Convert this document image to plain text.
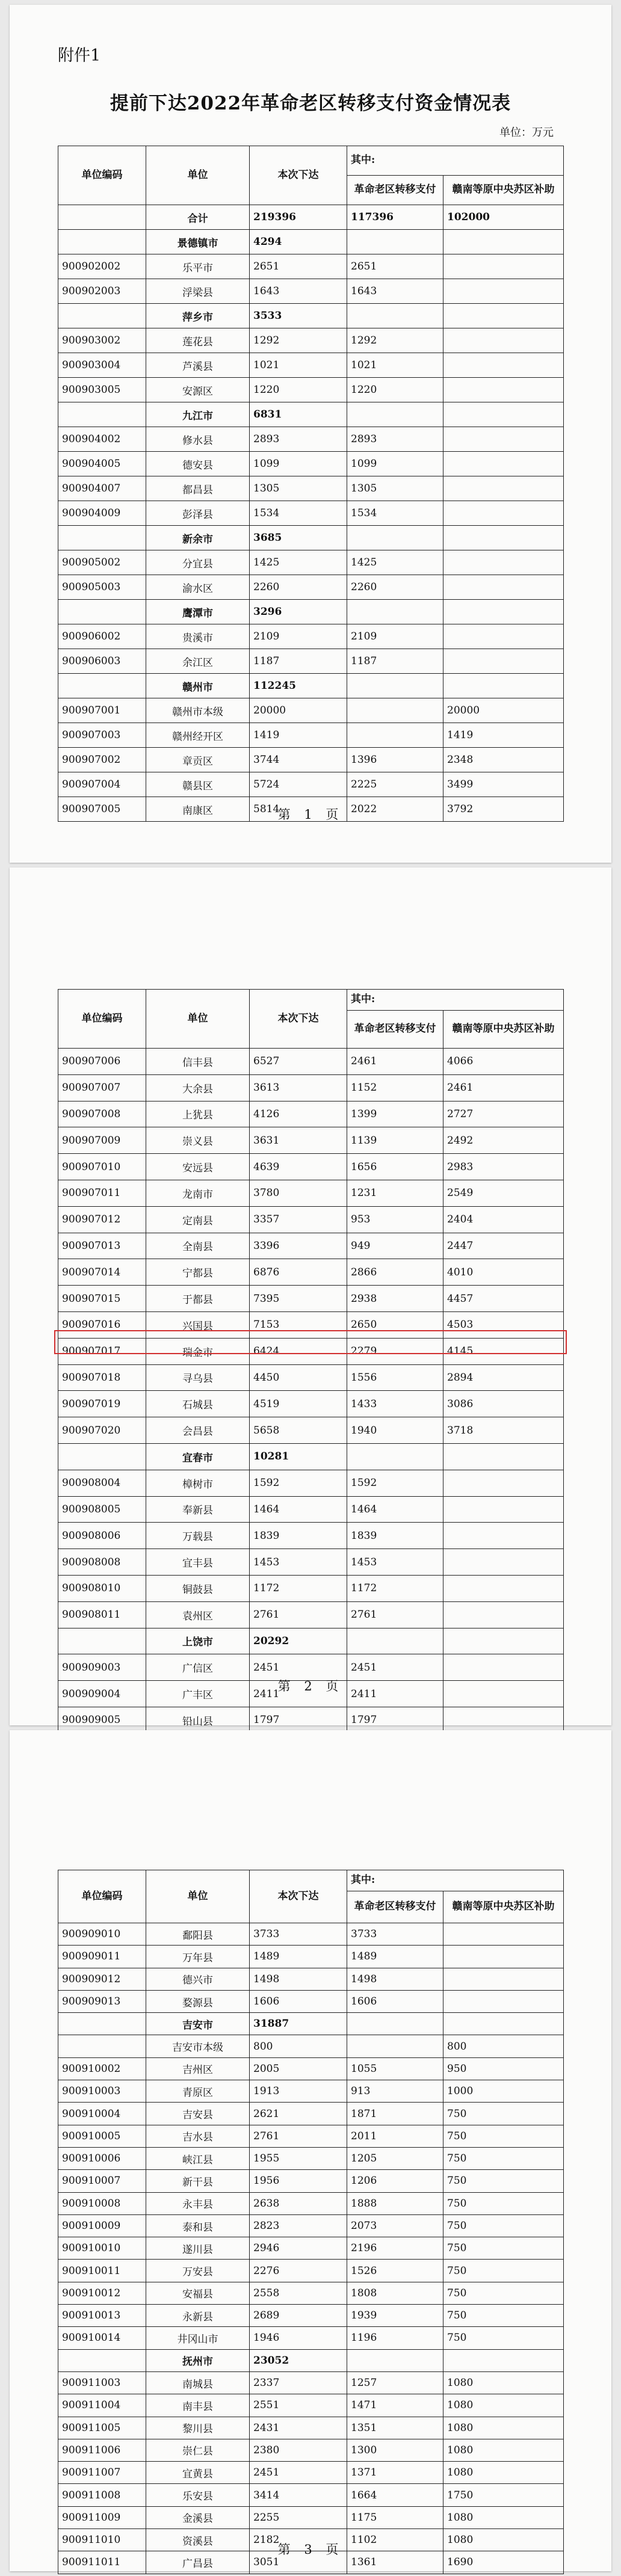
附件1
提前下达2022年革命老区转移支付资金情况表
单位：万元
单位编码	单位	本次下达	其中:	
			革命老区转移支付	赣南等原中央苏区补助
	合计	219396	117396	102000
	景德镇市	4294		
900902002	乐平市	2651	2651	
900902003	浮梁县	1643	1643	
	萍乡市	3533		
900903002	莲花县	1292	1292	
900903004	芦溪县	1021	1021	
900903005	安源区	1220	1220	
	九江市	6831		
900904002	修水县	2893	2893	
900904005	德安县	1099	1099	
900904007	都昌县	1305	1305	
900904009	彭泽县	1534	1534	
	新余市	3685		
900905002	分宜县	1425	1425	
900905003	渝水区	2260	2260	
	鹰潭市	3296		
900906002	贵溪市	2109	2109	
900906003	余江区	1187	1187	
	赣州市	112245		
900907001	赣州市本级	20000		20000
900907003	赣州经开区	1419		1419
900907002	章贡区	3744	1396	2348
900907004	赣县区	5724	2225	3499
900907005	南康区	5814	2022	3792
第 1 页
单位编码	单位	本次下达	其中:	
			革命老区转移支付	赣南等原中央苏区补助
900907006	信丰县	6527	2461	4066
900907007	大余县	3613	1152	2461
900907008	上犹县	4126	1399	2727
900907009	崇义县	3631	1139	2492
900907010	安远县	4639	1656	2983
900907011	龙南市	3780	1231	2549
900907012	定南县	3357	953	2404
900907013	全南县	3396	949	2447
900907014	宁都县	6876	2866	4010
900907015	于都县	7395	2938	4457
900907016	兴国县	7153	2650	4503
900907017	瑞金市	6424	2279	4145
900907018	寻乌县	4450	1556	2894
900907019	石城县	4519	1433	3086
900907020	会昌县	5658	1940	3718
	宜春市	10281		
900908004	樟树市	1592	1592	
900908005	奉新县	1464	1464	
900908006	万载县	1839	1839	
900908008	宜丰县	1453	1453	
900908010	铜鼓县	1172	1172	
900908011	袁州区	2761	2761	
	上饶市	20292		
900909003	广信区	2451	2451	
900909004	广丰区	2411	2411	
900909005	铅山县	1797	1797	

第 2 页
单位编码	单位	本次下达	其中:	
			革命老区转移支付	赣南等原中央苏区补助
900909010	鄱阳县	3733	3733	
900909011	万年县	1489	1489	
900909012	德兴市	1498	1498	
900909013	婺源县	1606	1606	
	吉安市	31887		
	吉安市本级	800		800
900910002	吉州区	2005	1055	950
900910003	青原区	1913	913	1000
900910004	吉安县	2621	1871	750
900910005	吉水县	2761	2011	750
900910006	峡江县	1955	1205	750
900910007	新干县	1956	1206	750
900910008	永丰县	2638	1888	750
900910009	泰和县	2823	2073	750
900910010	遂川县	2946	2196	750
900910011	万安县	2276	1526	750
900910012	安福县	2558	1808	750
900910013	永新县	2689	1939	750
900910014	井冈山市	1946	1196	750
	抚州市	23052		
900911003	南城县	2337	1257	1080
900911004	南丰县	2551	1471	1080
900911005	黎川县	2431	1351	1080
900911006	崇仁县	2380	1300	1080
900911007	宜黄县	2451	1371	1080
900911008	乐安县	3414	1664	1750
900911009	金溪县	2255	1175	1080
900911010	资溪县	2182	1102	1080
900911011	广昌县	3051	1361	1690
第 3 页
